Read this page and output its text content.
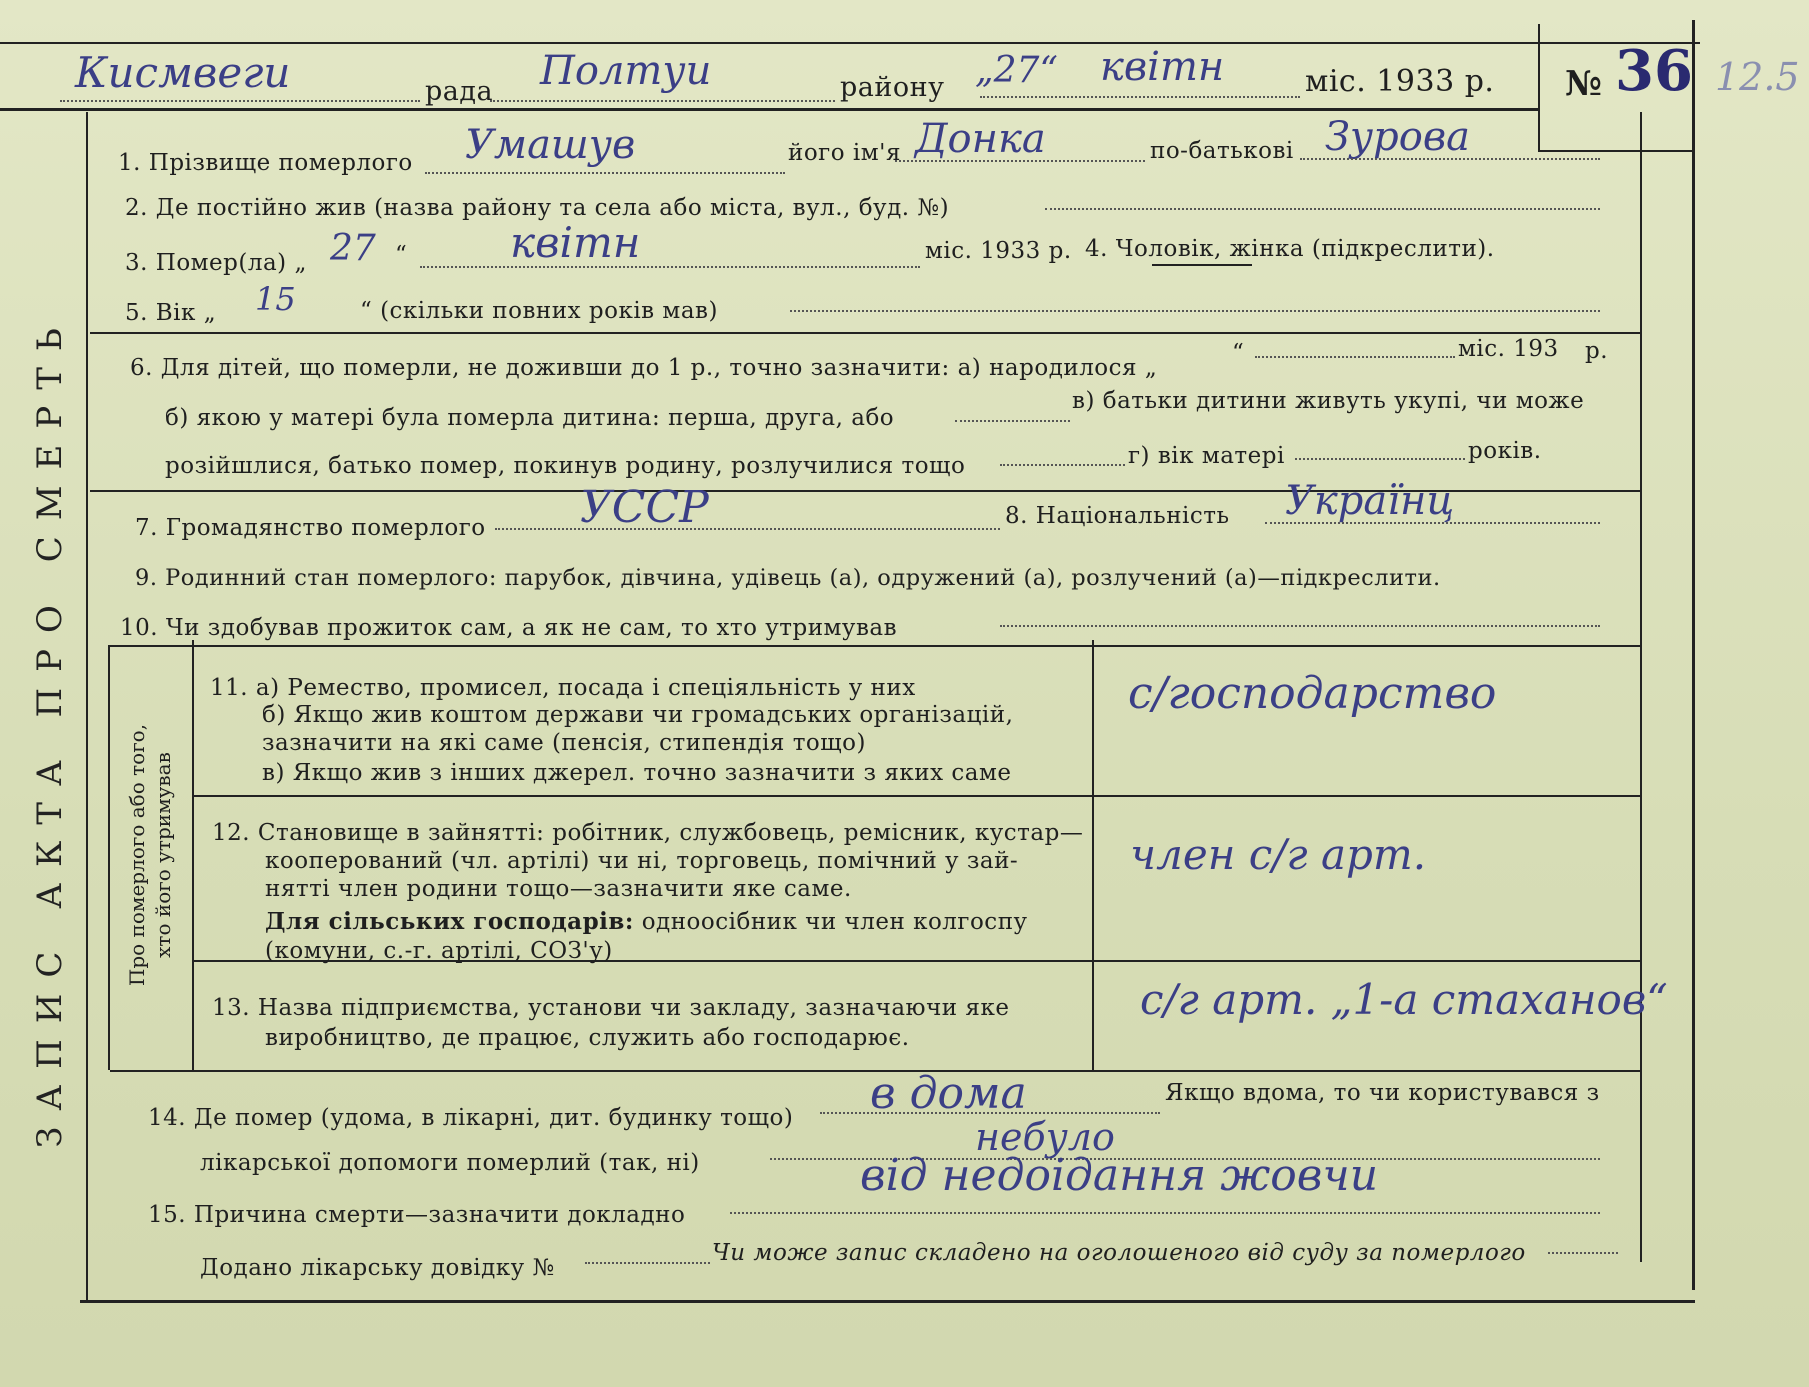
ЗАПИС АКТА ПРО СМЕРТЬ	Про померлого або того, хто його утримував
Кисмвеги	рада Полтуи	району „27“ квітн	міс. 1933 р. № 36 12.5
1. Прізвище померлого Умашув	його ім'я Донка	по-батькові Зурова
2. Де постійно жив (назва району та села або міста, вул., буд. №)
3. Помер(ла) „ 27 “ квітн	міс. 1933 р. 4. Чоловік, жінка (підкреслити).
5. Вік „ 15	“ (скільки повних років мав)
6. Для дітей, що померли, не доживши до 1 р., точно зазначити: а) народилося „
“	міс. 193 р.
б) якою у матері була померла дитина: перша, друга, або
в) батьки дитини живуть укупі, чи може
розійшлися, батько помер, покинув родину, розлучилися тощо	г) вік матері	років.
7. Громадянство померлого УССР	8. Національність Українц
9. Родинний стан померлого: парубок, дівчина, удівець (а), одружений (а), розлучений (а)—підкреслити.
10. Чи здобував прожиток сам, а як не сам, то хто утримував
11. а) Ремество, промисел, посада і спеціяльність у них
б) Якщо жив коштом держави чи громадських організацій,
зазначити на які саме (пенсія, стипендія тощо)
в) Якщо жив з інших джерел. точно зазначити з яких саме
с/господарство
12. Становище в зайнятті: робітник, службовець, ремісник, кустар—
кооперований (чл. артілі) чи ні, торговець, помічний у зай-
нятті член родини тощо—зазначити яке саме.
Для сільських господарів: одноосібник чи член колгоспу
(комуни, с.-г. артілі, СОЗ'у)
член с/г арт.
13. Назва підприємства, установи чи закладу, зазначаючи яке
виробництво, де працює, служить або господарює.
с/г арт. „1-а стаханов“
14. Де помер (удома, в лікарні, дит. будинку тощо) в дома	Якщо вдома, то чи користувався з
лікарської допомоги померлий (так, ні)
небуло
15. Причина смерти—зазначити докладно
від недоідання жовчи
Додано лікарську довідку №
Чи може запис складено на оголошеного від суду за померлого
